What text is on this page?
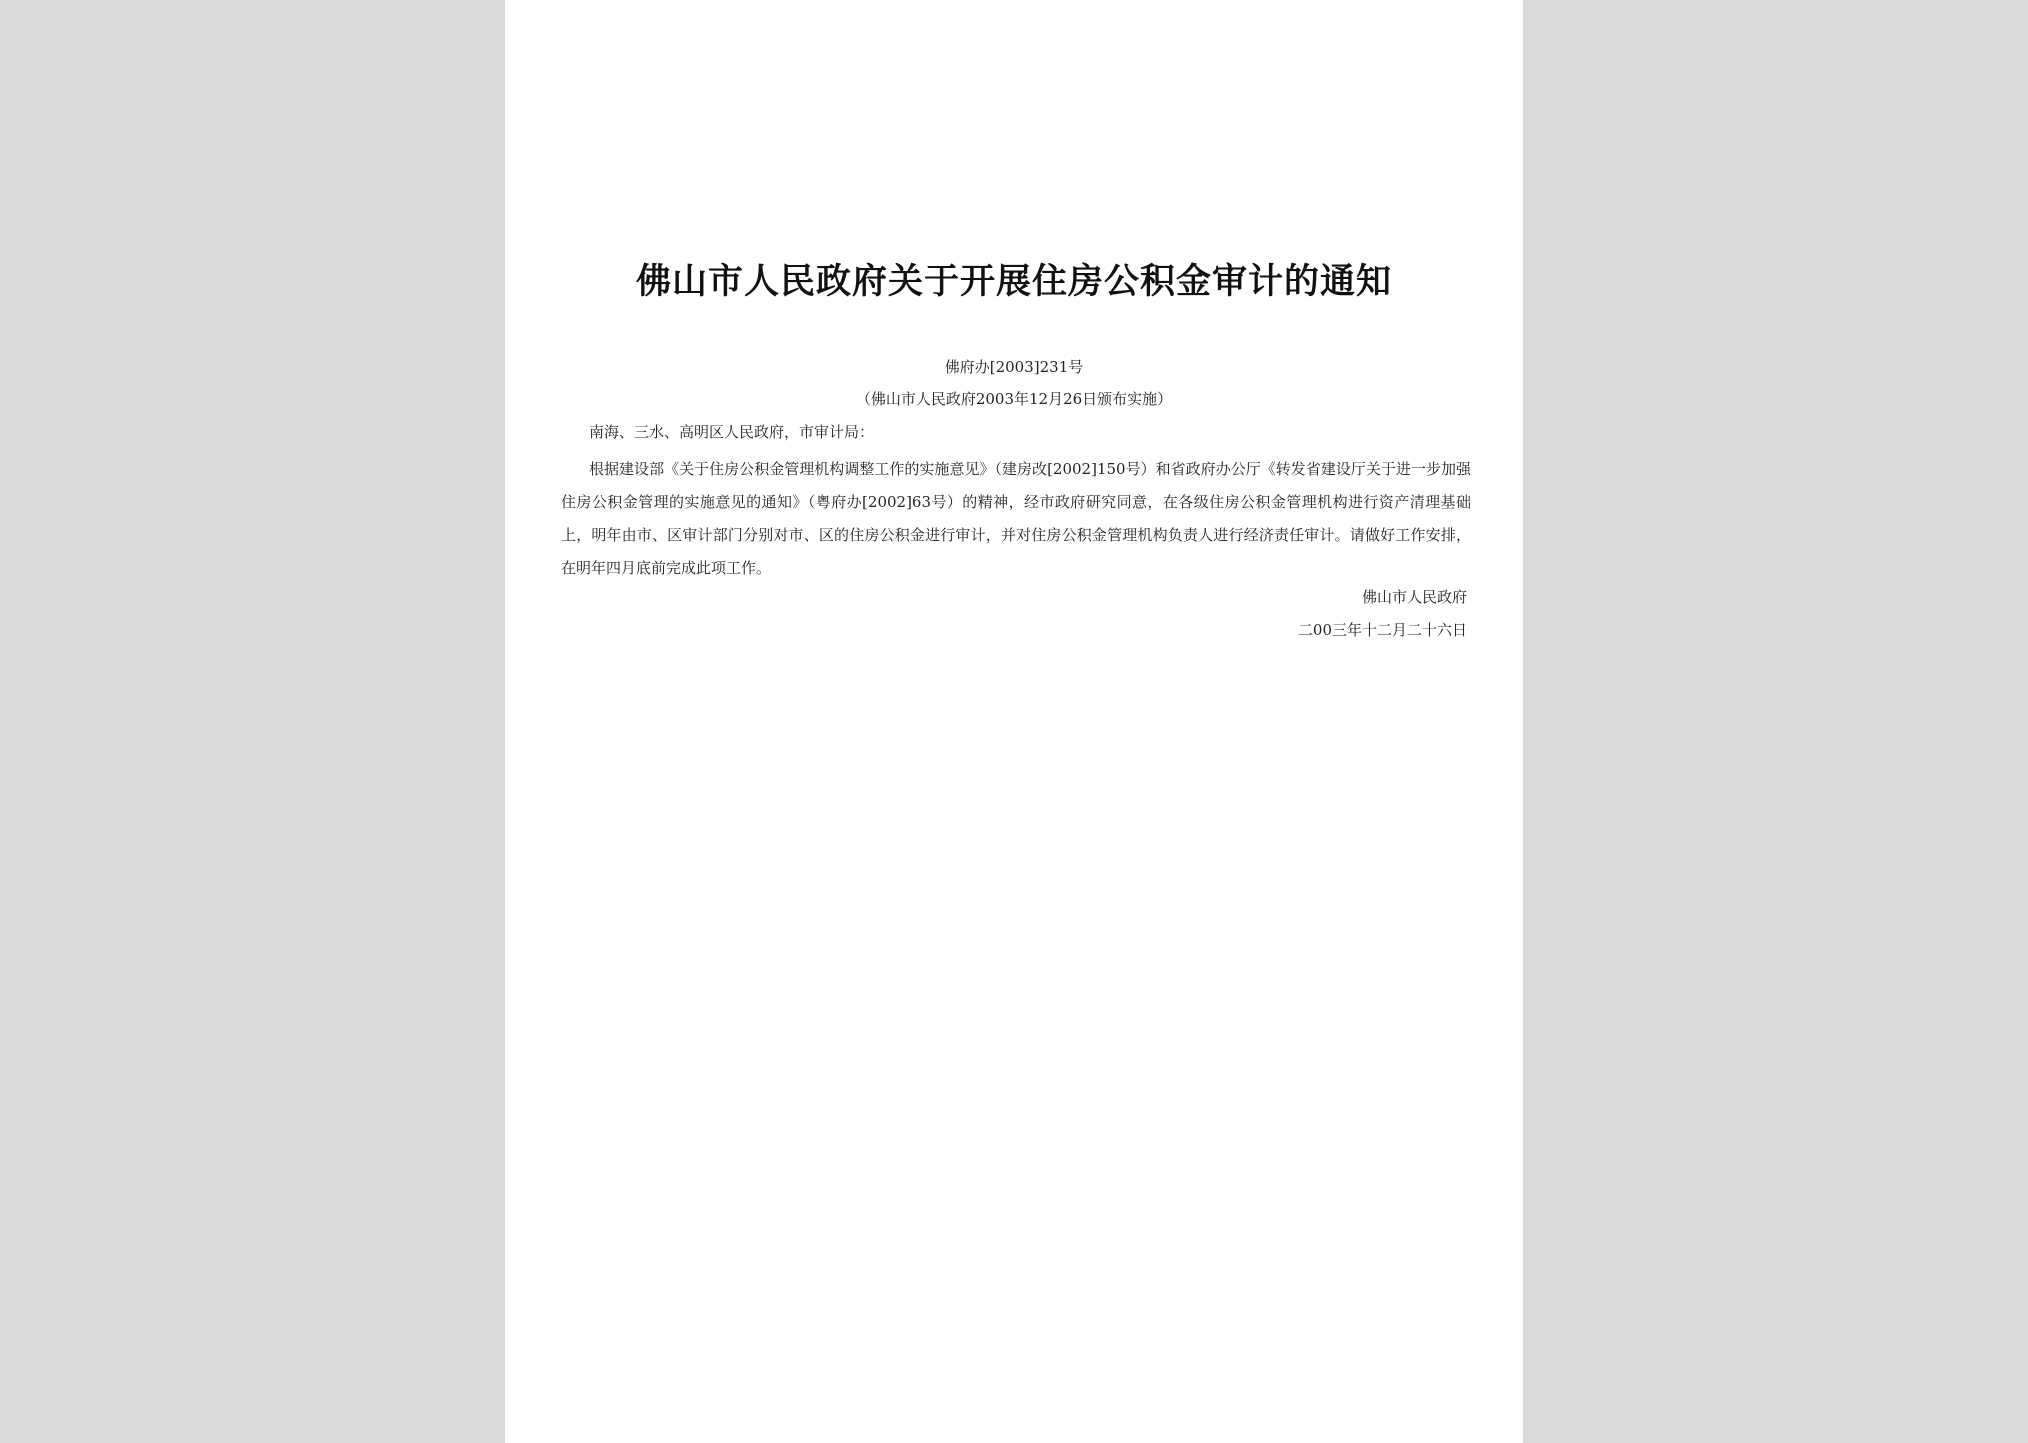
佛山市人民政府关于开展住房公积金审计的通知
佛府办[2003]231号
（佛山市人民政府2003年12月26日颁布实施）
南海、三水、高明区人民政府，市审计局：

根据建设部《关于住房公积金管理机构调整工作的实施意见》（建房改[2002]150号）和省政府办公厅《转发省建设厅关于进一步加强住房公积金管理的实施意见的通知》（粤府办[2002]63号）的精神，经市政府研究同意，在各级住房公积金管理机构进行资产清理基础上，明年由市、区审计部门分别对市、区的住房公积金进行审计，并对住房公积金管理机构负责人进行经济责任审计。请做好工作安排，在明年四月底前完成此项工作。

佛山市人民政府
二00三年十二月二十六日
